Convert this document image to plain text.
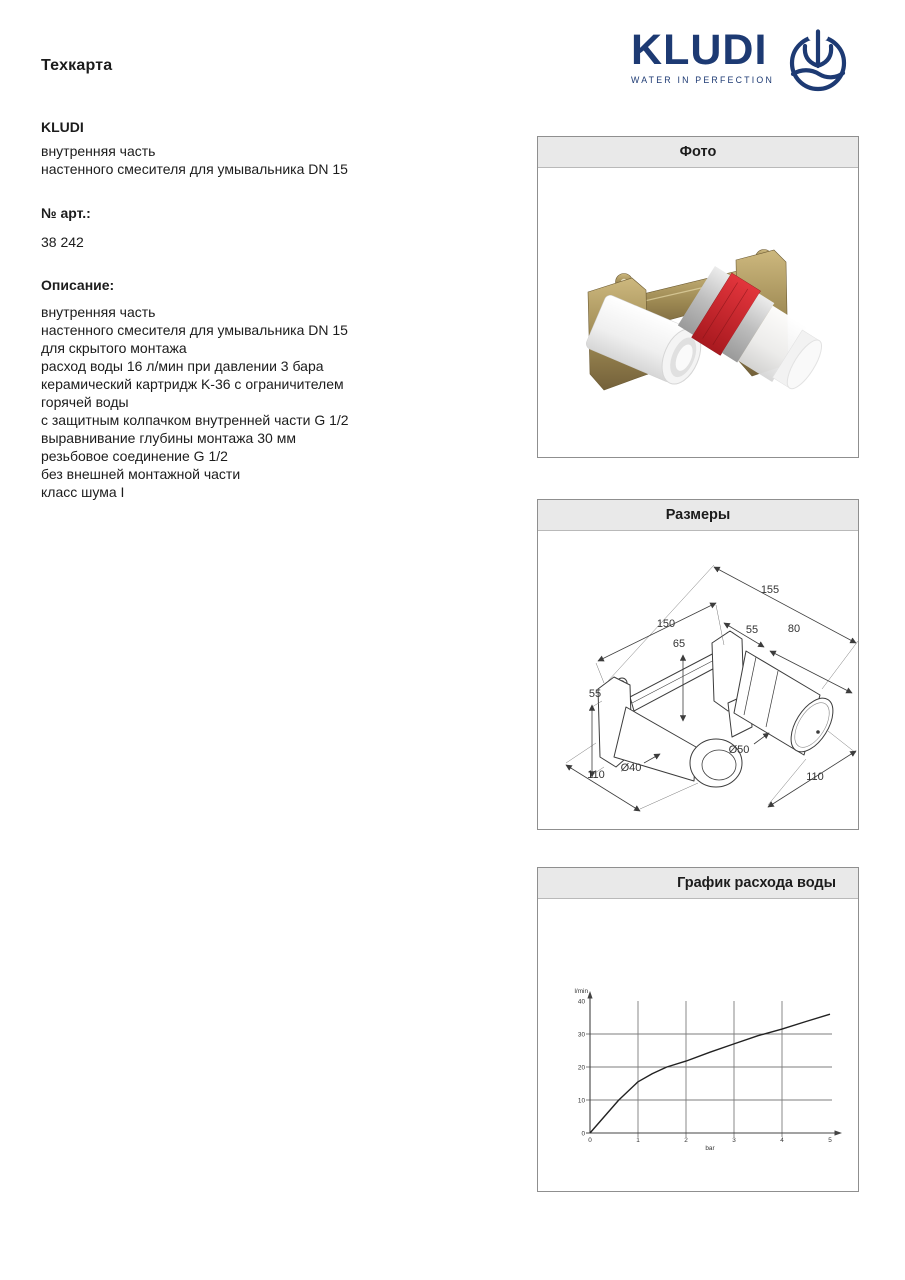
Техкарта	KLUDI
WATER IN PERFECTION
KLUDI
внутренняя часть
настенного смесителя для умывальника DN 15
№ арт.:
38 242
Описание:
внутренняя часть
настенного смесителя для умывальника DN 15
для скрытого монтажа
расход воды 16 л/мин при давлении 3 бара
керамический картридж K-36 с ограничителем
горячей воды
с защитным колпачком внутренней части G 1/2
выравнивание глубины монтажа 30 мм
резьбовое соединение G 1/2
без внешней монтажной части
класс шума I
Фото
Размеры
155
150
65
55	80
55
Ø40
Ø50
110	110
График расхода воды
0
10
20
30
40
0	1	2	3	4	5
l/min
bar
